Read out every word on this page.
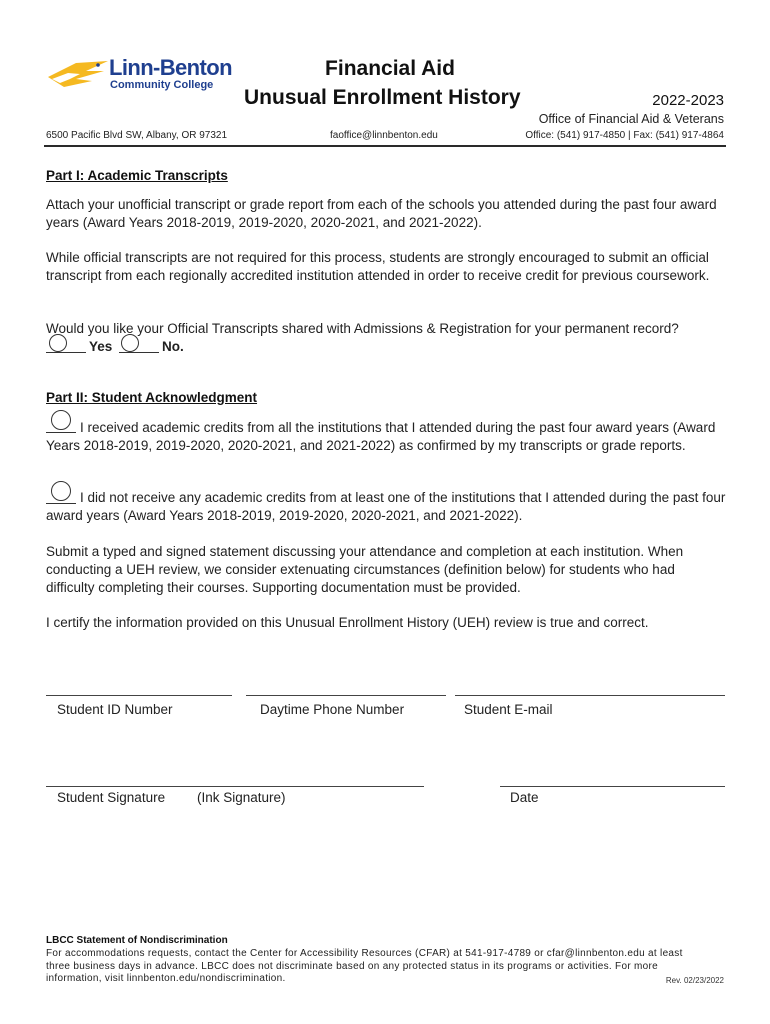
Linn-Benton
Community College
Financial Aid
Unusual Enrollment History	2022-2023
Office of Financial Aid & Veterans
6500 Pacific Blvd SW, Albany, OR 97321	faoffice@linnbenton.edu	Office: (541) 917-4850 | Fax: (541) 917-4864
Part I: Academic Transcripts
Attach your unofficial transcript or grade report from each of the schools you attended during the past four award years (Award Years 2018-2019, 2019-2020, 2020-2021, and 2021-2022).
While official transcripts are not required for this process, students are strongly encouraged to submit an official transcript from each regionally accredited institution attended in order to receive credit for previous coursework.
Would you like your Official Transcripts shared with Admissions & Registration for your permanent record?
Yes	No.
Part II: Student Acknowledgment
I received academic credits from all the institutions that I attended during the past four award years (Award Years 2018-2019, 2019-2020, 2020-2021, and 2021-2022) as confirmed by my transcripts or grade reports.
I did not receive any academic credits from at least one of the institutions that I attended during the past four award years (Award Years 2018-2019, 2019-2020, 2020-2021, and 2021-2022).
Submit a typed and signed statement discussing your attendance and completion at each institution. When conducting a UEH review, we consider extenuating circumstances (definition below) for students who had difficulty completing their courses. Supporting documentation must be provided.
I certify the information provided on this Unusual Enrollment History (UEH) review is true and correct.
Student ID Number	Daytime Phone Number	Student E-mail
Student Signature (Ink Signature)	Date
LBCC Statement of Nondiscrimination
For accommodations requests, contact the Center for Accessibility Resources (CFAR) at 541-917-4789 or cfar@linnbenton.edu at least three business days in advance. LBCC does not discriminate based on any protected status in its programs or activities. For more information, visit linnbenton.edu/nondiscrimination.	Rev. 02/23/2022
